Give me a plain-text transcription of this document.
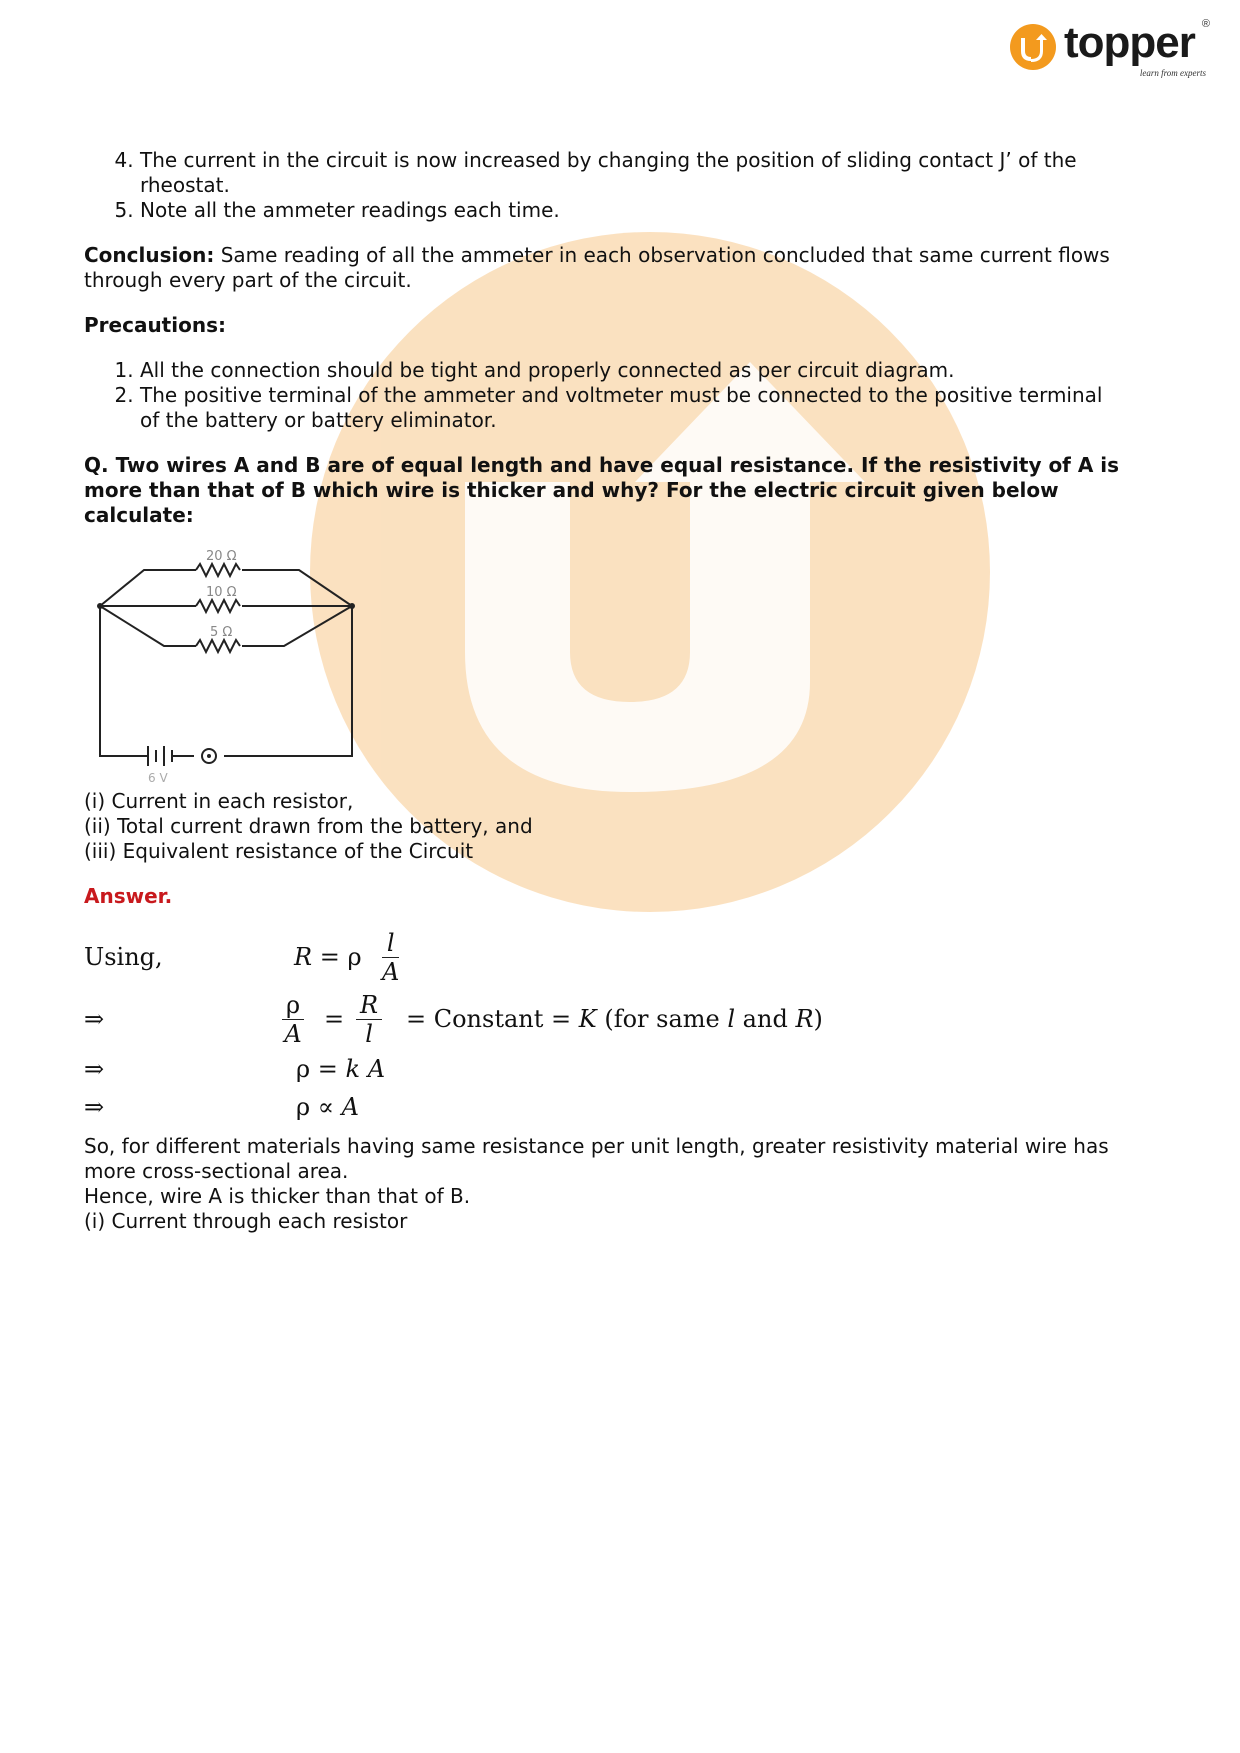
topper ®
learn from experts
4. The current in the circuit is now increased by changing the position of sliding contact J’ of the rheostat.
5. Note all the ammeter readings each time.

Conclusion: Same reading of all the ammeter in each observation concluded that same current flows through every part of the circuit.

Precautions:

1. All the connection should be tight and properly connected as per circuit diagram.
2. The positive terminal of the ammeter and voltmeter must be connected to the positive terminal of the battery or battery eliminator.

Q. Two wires A and B are of equal length and have equal resistance. If the resistivity of A is more than that of B which wire is thicker and why? For the electric circuit given below calculate:

20 Ω
10 Ω
5 Ω
6 V

(i) Current in each resistor,

(ii) Total current drawn from the battery, and

(iii) Equivalent resistance of the Circuit

Answer.

Using,	R = ρ $\frac{l}{A}$
⇒	$\frac{\rho}{A} = \frac{R}{l}$ = Constant = K (for same l and R)
⇒	ρ = k A
⇒	ρ ∝ A

So, for different materials having same resistance per unit length, greater resistivity material wire has more cross-sectional area.

Hence, wire A is thicker than that of B.

(i) Current through each resistor
